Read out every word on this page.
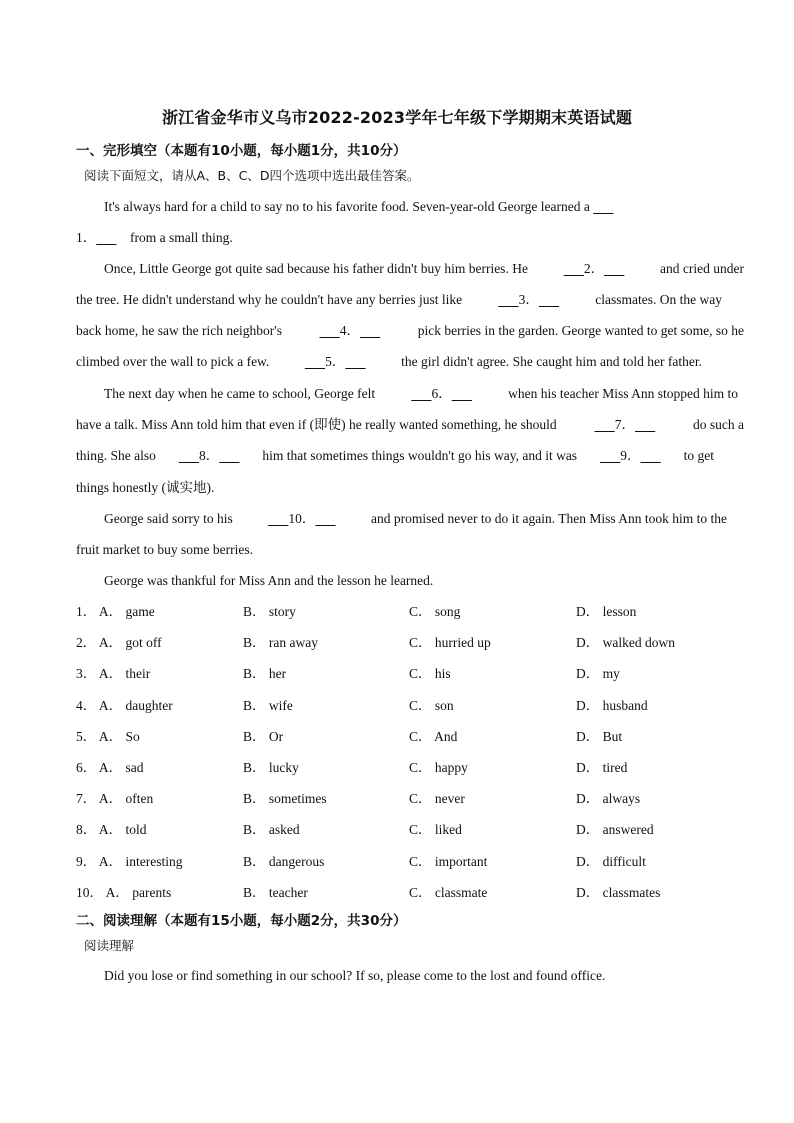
浙江省金华市义乌市2022-2023学年七年级下学期期末英语试题
一、完形填空（本题有10小题，每小题1分，共10分）
阅读下面短文，请从A、B、C、D四个选项中选出最佳答案。
It's always hard for a child to say no to his favorite food. Seven-year-old George learned a
1．	from a small thing.
Once, Little George got quite sad because his father didn't buy him berries. He	2．	and cried under
the tree. He didn't understand why he couldn't have any berries just like	3．	classmates. On the way
back home, he saw the rich neighbor's	4．	pick berries in the garden. George wanted to get some, so he
climbed over the wall to pick a few.	5．	the girl didn't agree. She caught him and told her father.
The next day when he came to school, George felt	6．	when his teacher Miss Ann stopped him to
have a talk. Miss Ann told him that even if (即使) he really wanted something, he should	7．	do such a
thing. She also	8．	him that sometimes things wouldn't go his way, and it was	9．	to get
things honestly (诚实地).
George said sorry to his	10．	and promised never to do it again. Then Miss Ann took him to the
fruit market to buy some berries.
George was thankful for Miss Ann and the lesson he learned.
1． A． game	B． story	C． song	D． lesson
2． A． got off	B． ran away	C． hurried up	D． walked down
3． A． their	B． her	C． his	D． my
4． A． daughter	B． wife	C． son	D． husband
5． A． So	B． Or	C． And	D． But
6． A． sad	B． lucky	C． happy	D． tired
7． A． often	B． sometimes	C． never	D． always
8． A． told	B． asked	C． liked	D． answered
9． A． interesting	B． dangerous	C． important	D． difficult
10． A． parents	B． teacher	C． classmate	D． classmates
二、阅读理解（本题有15小题，每小题2分，共30分）
阅读理解
Did you lose or find something in our school? If so, please come to the lost and found office.
